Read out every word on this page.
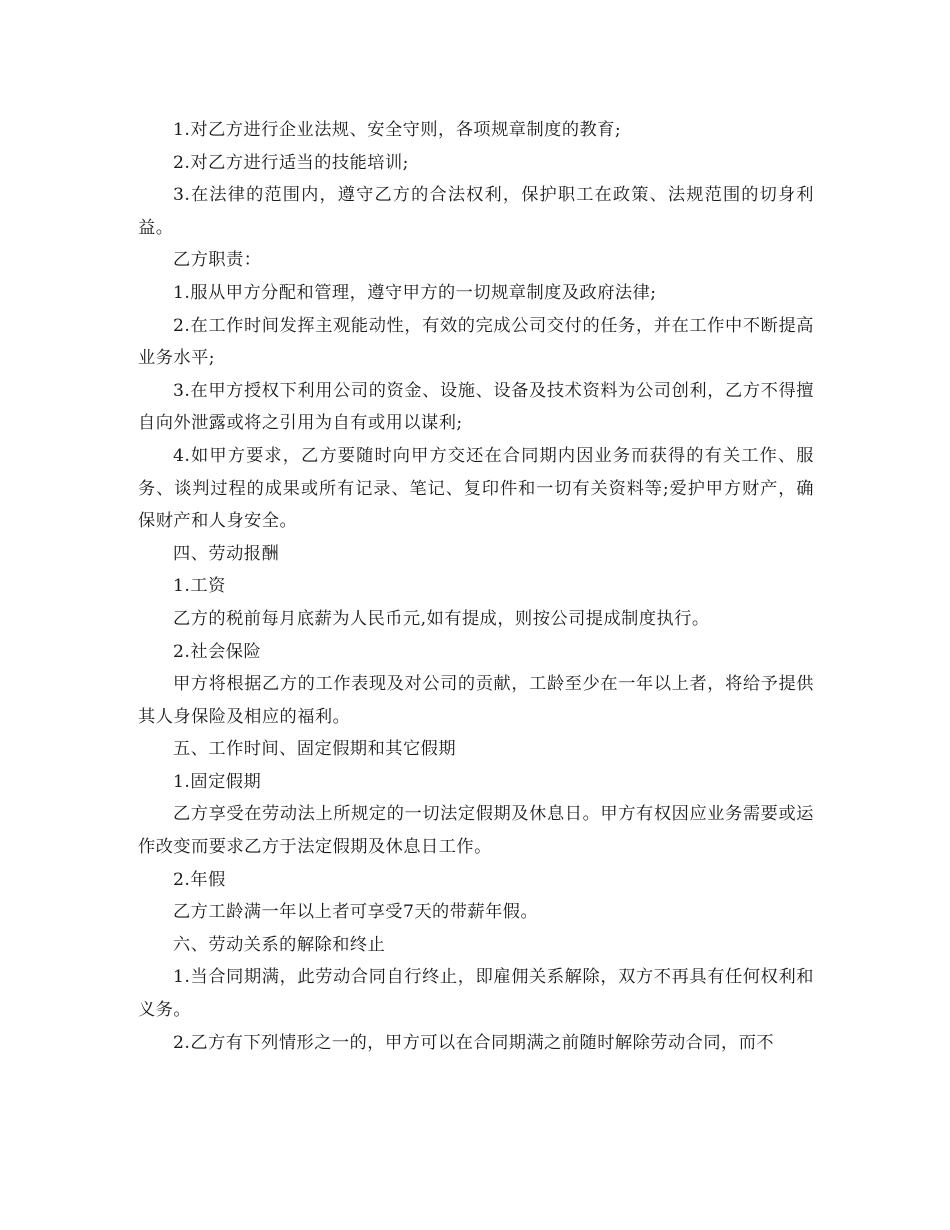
1.对乙方进行企业法规、安全守则，各项规章制度的教育;

2.对乙方进行适当的技能培训;

3.在法律的范围内，遵守乙方的合法权利，保护职工在政策、法规范围的切身利益。

乙方职责：

1.服从甲方分配和管理，遵守甲方的一切规章制度及政府法律;

2.在工作时间发挥主观能动性，有效的完成公司交付的任务，并在工作中不断提高业务水平;

3.在甲方授权下利用公司的资金、设施、设备及技术资料为公司创利，乙方不得擅自向外泄露或将之引用为自有或用以谋利;

4.如甲方要求，乙方要随时向甲方交还在合同期内因业务而获得的有关工作、服务、谈判过程的成果或所有记录、笔记、复印件和一切有关资料等;爱护甲方财产，确保财产和人身安全。

四、劳动报酬

1.工资

乙方的税前每月底薪为人民币元,如有提成，则按公司提成制度执行。

2.社会保险

甲方将根据乙方的工作表现及对公司的贡献，工龄至少在一年以上者，将给予提供其人身保险及相应的福利。

五、工作时间、固定假期和其它假期

1.固定假期

乙方享受在劳动法上所规定的一切法定假期及休息日。甲方有权因应业务需要或运作改变而要求乙方于法定假期及休息日工作。

2.年假

乙方工龄满一年以上者可享受7天的带薪年假。

六、劳动关系的解除和终止

1.当合同期满，此劳动合同自行终止，即雇佣关系解除，双方不再具有任何权利和义务。

2.乙方有下列情形之一的，甲方可以在合同期满之前随时解除劳动合同，而不
